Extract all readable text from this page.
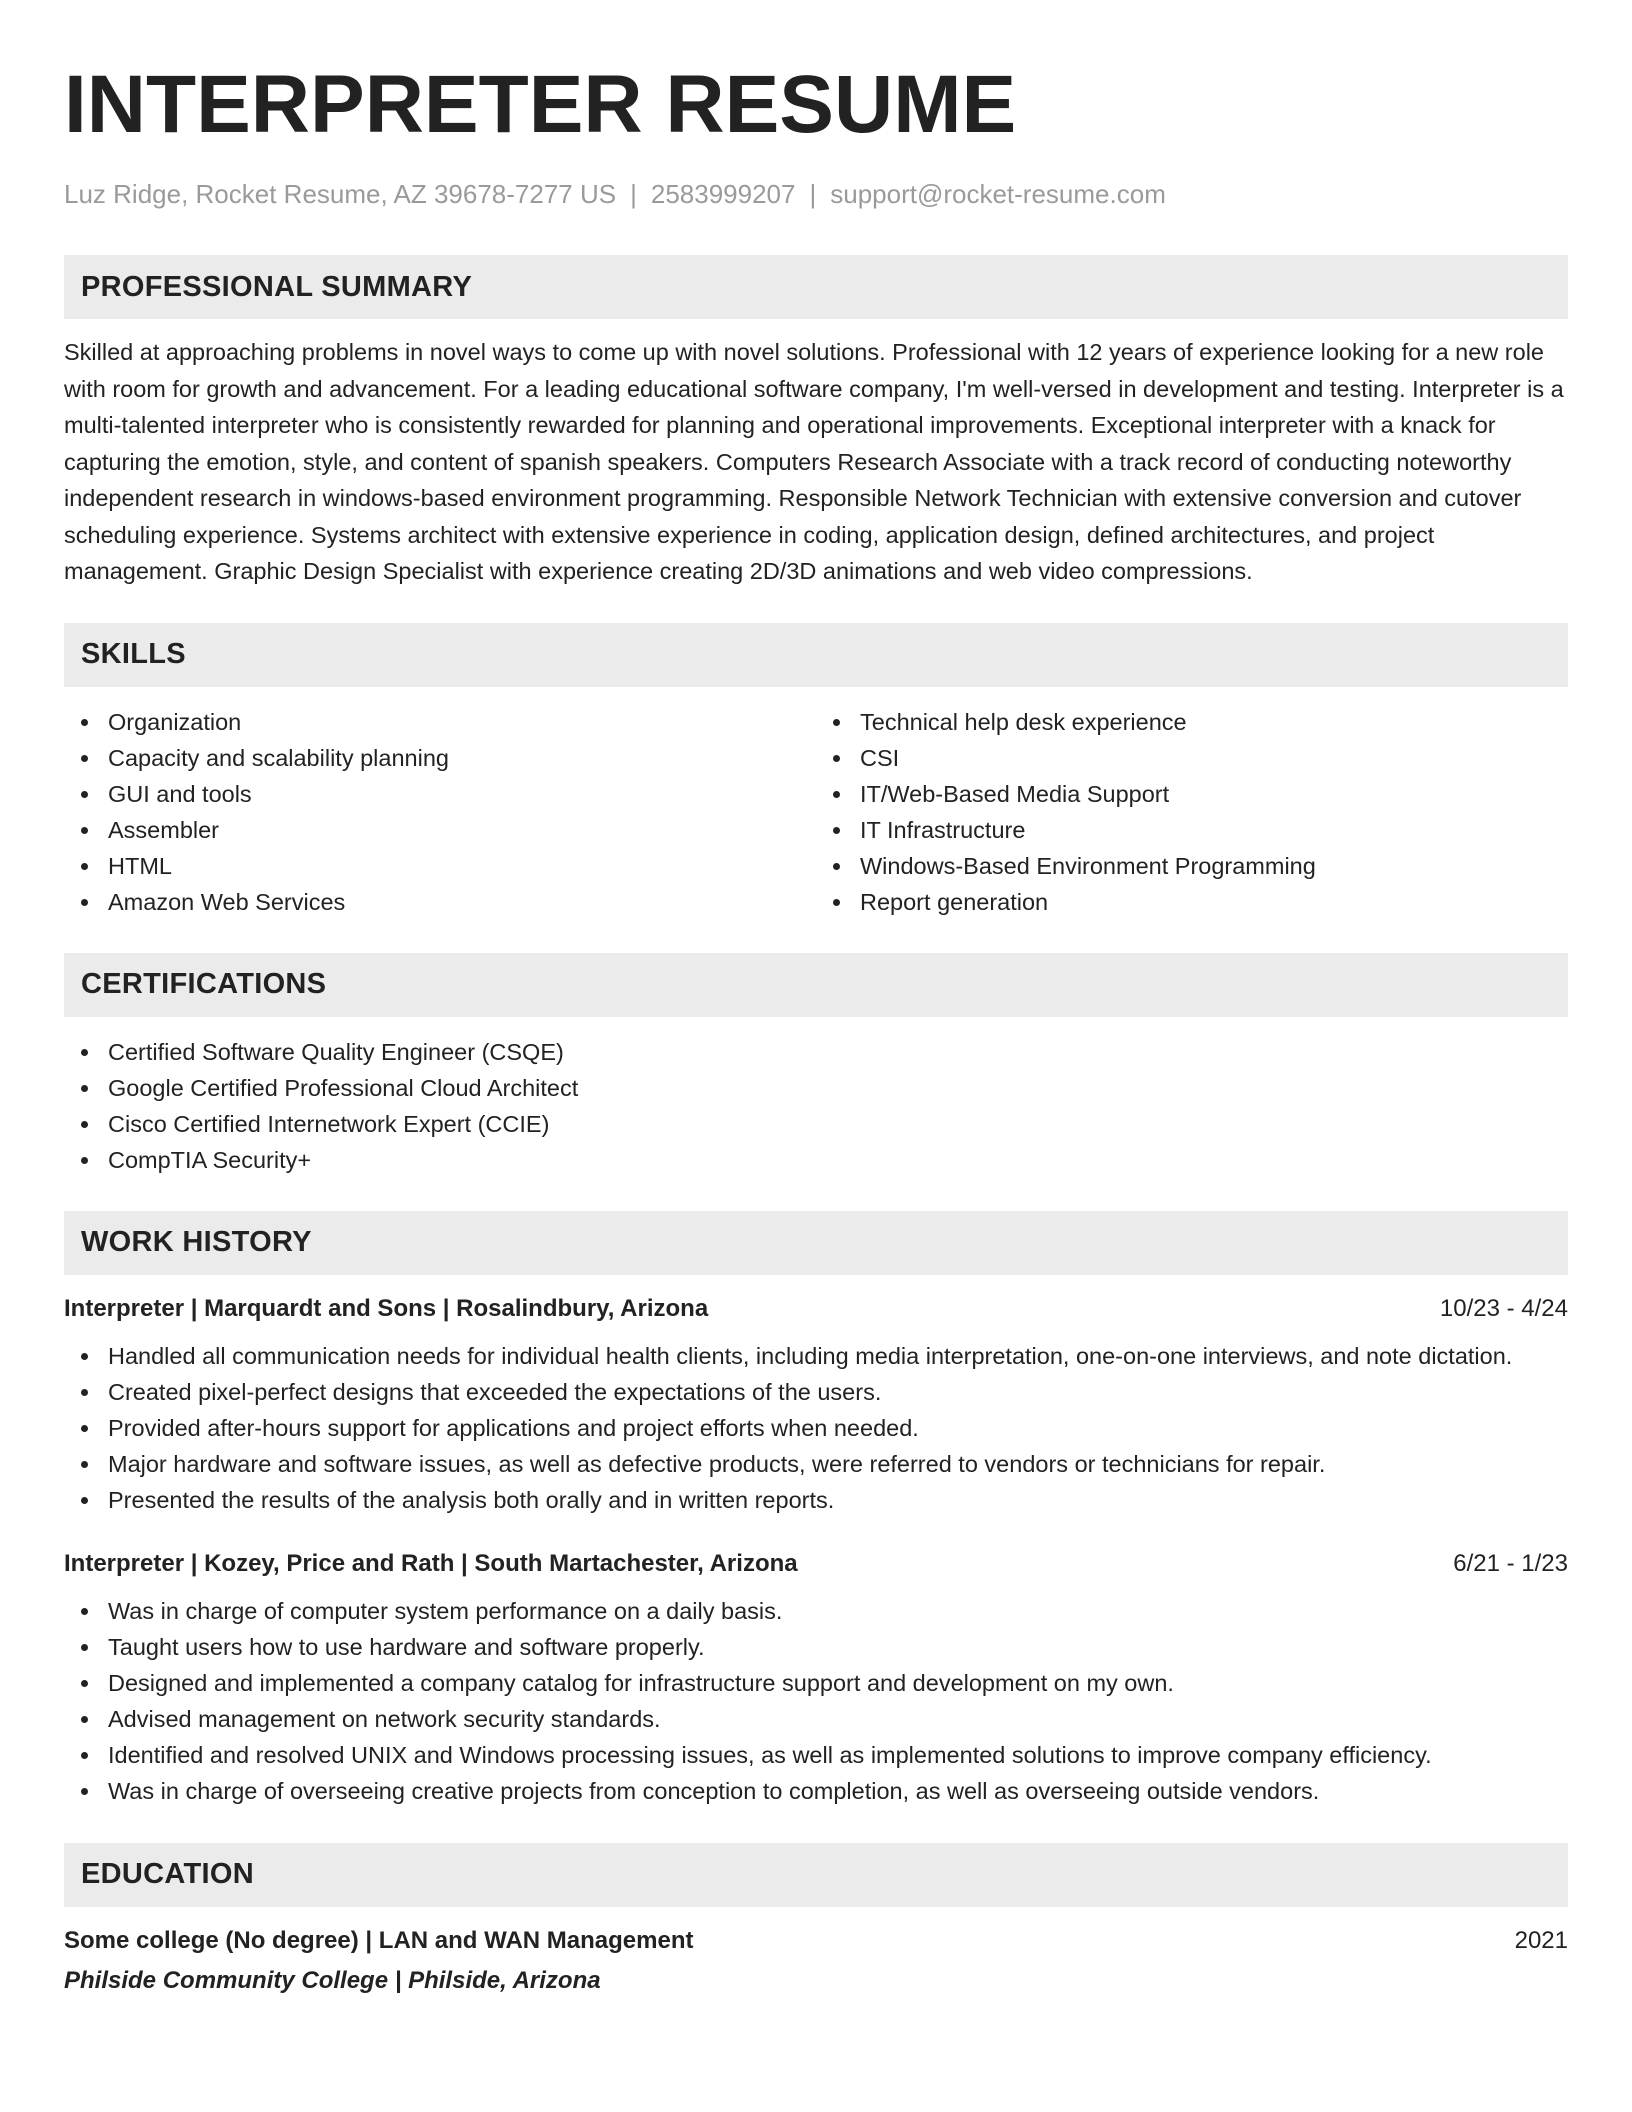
INTERPRETER RESUME
Luz Ridge, Rocket Resume, AZ 39678-7277 US | 2583999207 | support@rocket-resume.com
PROFESSIONAL SUMMARY

Skilled at approaching problems in novel ways to come up with novel solutions. Professional with 12 years of experience looking for a new role with room for growth and advancement. For a leading educational software company, I'm well-versed in development and testing. Interpreter is a multi-talented interpreter who is consistently rewarded for planning and operational improvements. Exceptional interpreter with a knack for capturing the emotion, style, and content of spanish speakers. Computers Research Associate with a track record of conducting noteworthy independent research in windows-based environment programming. Responsible Network Technician with extensive conversion and cutover scheduling experience. Systems architect with extensive experience in coding, application design, defined architectures, and project management. Graphic Design Specialist with experience creating 2D/3D animations and web video compressions.

SKILLS
Organization
Capacity and scalability planning
GUI and tools
Assembler
HTML
Amazon Web Services
Technical help desk experience
CSI
IT/Web-Based Media Support
IT Infrastructure
Windows-Based Environment Programming
Report generation
CERTIFICATIONS
Certified Software Quality Engineer (CSQE)
Google Certified Professional Cloud Architect
Cisco Certified Internetwork Expert (CCIE)
CompTIA Security+
WORK HISTORY
Interpreter | Marquardt and Sons | Rosalindbury, Arizona	10/23 - 4/24
Handled all communication needs for individual health clients, including media interpretation, one-on-one interviews, and note dictation.
Created pixel-perfect designs that exceeded the expectations of the users.
Provided after-hours support for applications and project efforts when needed.
Major hardware and software issues, as well as defective products, were referred to vendors or technicians for repair.
Presented the results of the analysis both orally and in written reports.
Interpreter | Kozey, Price and Rath | South Martachester, Arizona	6/21 - 1/23
Was in charge of computer system performance on a daily basis.
Taught users how to use hardware and software properly.
Designed and implemented a company catalog for infrastructure support and development on my own.
Advised management on network security standards.
Identified and resolved UNIX and Windows processing issues, as well as implemented solutions to improve company efficiency.
Was in charge of overseeing creative projects from conception to completion, as well as overseeing outside vendors.
EDUCATION
Some college (No degree) | LAN and WAN Management	2021
Philside Community College | Philside, Arizona
